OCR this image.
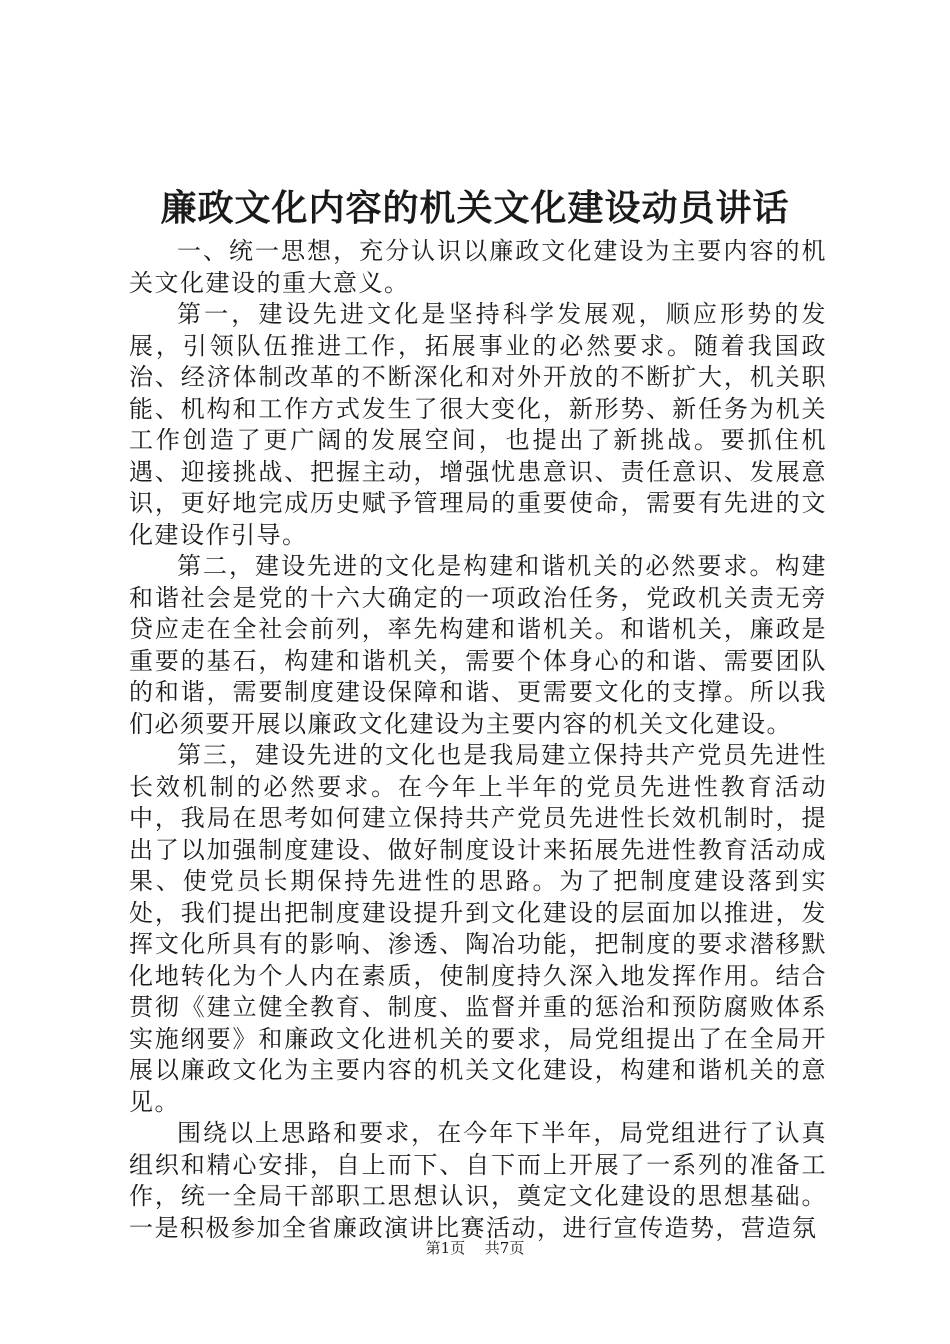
廉政文化内容的机关文化建设动员讲话

一、统一思想，充分认识以廉政文化建设为主要内容的机关文化建设的重大意义。

第一，建设先进文化是坚持科学发展观，顺应形势的发展，引领队伍推进工作，拓展事业的必然要求。随着我国政治、经济体制改革的不断深化和对外开放的不断扩大，机关职能、机构和工作方式发生了很大变化，新形势、新任务为机关工作创造了更广阔的发展空间，也提出了新挑战。要抓住机遇、迎接挑战、把握主动，增强忧患意识、责任意识、发展意识，更好地完成历史赋予管理局的重要使命，需要有先进的文化建设作引导。

第二，建设先进的文化是构建和谐机关的必然要求。构建和谐社会是党的十六大确定的一项政治任务，党政机关责无旁贷应走在全社会前列，率先构建和谐机关。和谐机关，廉政是重要的基石，构建和谐机关，需要个体身心的和谐、需要团队的和谐，需要制度建设保障和谐、更需要文化的支撑。所以我们必须要开展以廉政文化建设为主要内容的机关文化建设。

第三，建设先进的文化也是我局建立保持共产党员先进性长效机制的必然要求。在今年上半年的党员先进性教育活动中，我局在思考如何建立保持共产党员先进性长效机制时，提出了以加强制度建设、做好制度设计来拓展先进性教育活动成果、使党员长期保持先进性的思路。为了把制度建设落到实处，我们提出把制度建设提升到文化建设的层面加以推进，发挥文化所具有的影响、渗透、陶冶功能，把制度的要求潜移默化地转化为个人内在素质，使制度持久深入地发挥作用。结合贯彻《建立健全教育、制度、监督并重的惩治和预防腐败体系实施纲要》和廉政文化进机关的要求，局党组提出了在全局开展以廉政文化为主要内容的机关文化建设，构建和谐机关的意见。

围绕以上思路和要求，在今年下半年，局党组进行了认真组织和精心安排，自上而下、自下而上开展了一系列的准备工作，统一全局干部职工思想认识，奠定文化建设的思想基础。一是积极参加全省廉政演讲比赛活动，进行宣传造势，营造氛

第1页 共7页
